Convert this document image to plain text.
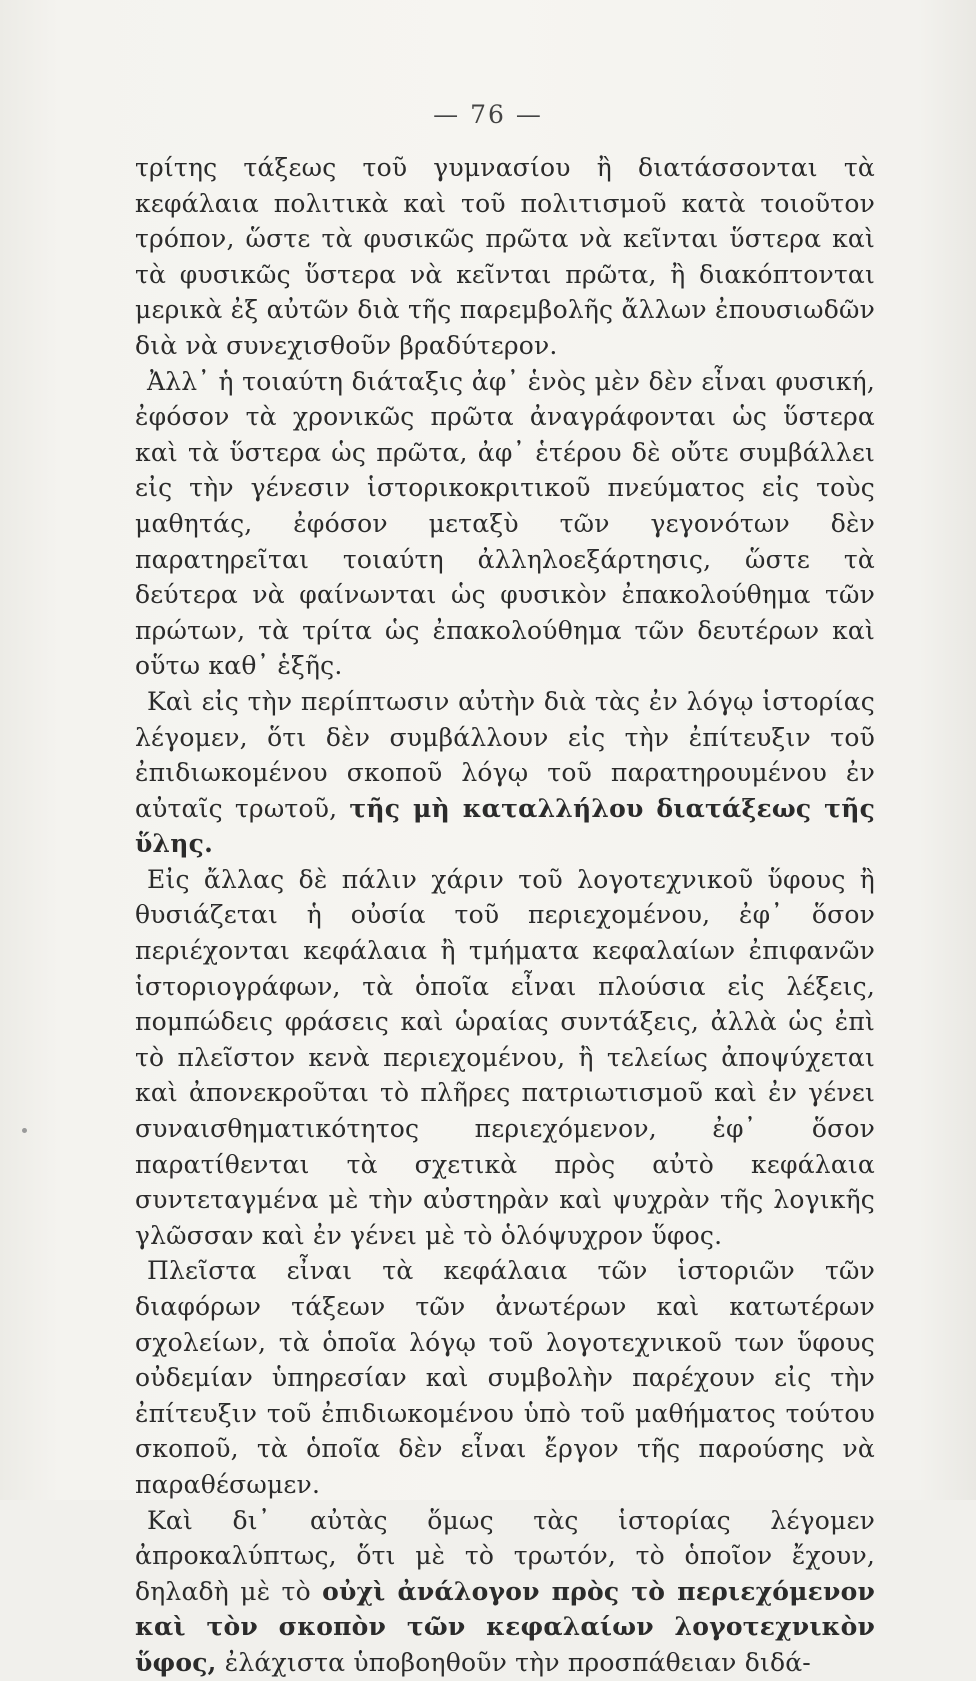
— 76 —

τρίτης τάξεως τοῦ γυμνασίου ἢ διατάσσονται τὰ κεφάλαια πολιτικὰ καὶ τοῦ πολιτισμοῦ κατὰ τοιοῦτον τρόπον, ὥστε τὰ φυσικῶς πρῶτα νὰ κεῖνται ὕστερα καὶ τὰ φυσικῶς ὕστερα νὰ κεῖνται πρῶτα, ἢ διακόπτονται μερικὰ ἐξ αὐτῶν διὰ τῆς παρεμβολῆς ἄλλων ἐπουσιωδῶν διὰ νὰ συνεχισθοῦν βραδύτερον.

Ἀλλ᾽ ἡ τοιαύτη διάταξις ἀφ᾽ ἑνὸς μὲν δὲν εἶναι φυσική, ἐφόσον τὰ χρονικῶς πρῶτα ἀναγράφονται ὡς ὕστερα καὶ τὰ ὕστερα ὡς πρῶτα, ἀφ᾽ ἑτέρου δὲ οὔτε συμβάλλει εἰς τὴν γένεσιν ἱστορικοκριτικοῦ πνεύματος εἰς τοὺς μαθητάς, ἐφόσον μεταξὺ τῶν γεγονότων δὲν παρατηρεῖται τοιαύτη ἀλληλοεξάρτησις, ὥστε τὰ δεύτερα νὰ φαίνωνται ὡς φυσικὸν ἐπακολούθημα τῶν πρώτων, τὰ τρίτα ὡς ἐπακολούθημα τῶν δευτέρων καὶ οὕτω καθ᾽ ἑξῆς.

Καὶ εἰς τὴν περίπτωσιν αὐτὴν διὰ τὰς ἐν λόγῳ ἱστορίας λέγομεν, ὅτι δὲν συμβάλλουν εἰς τὴν ἐπίτευξιν τοῦ ἐπιδιωκομένου σκοποῦ λόγῳ τοῦ παρατηρουμένου ἐν αὐταῖς τρωτοῦ, τῆς μὴ καταλλήλου διατάξεως τῆς ὕλης.

Εἰς ἄλλας δὲ πάλιν χάριν τοῦ λογοτεχνικοῦ ὕφους ἢ θυσιάζεται ἡ οὐσία τοῦ περιεχομένου, ἐφ᾽ ὅσον περιέχονται κεφάλαια ἢ τμήματα κεφαλαίων ἐπιφανῶν ἱστοριογράφων, τὰ ὁποῖα εἶναι πλούσια εἰς λέξεις, πομπώδεις φράσεις καὶ ὡραίας συντάξεις, ἀλλὰ ὡς ἐπὶ τὸ πλεῖστον κενὰ περιεχομένου, ἢ τελείως ἀποψύχεται καὶ ἀπονεκροῦται τὸ πλῆρες πατριωτισμοῦ καὶ ἐν γένει συναισθηματικότητος περιεχόμενον, ἐφ᾽ ὅσον παρατίθενται τὰ σχετικὰ πρὸς αὐτὸ κεφάλαια συντεταγμένα μὲ τὴν αὐστηρὰν καὶ ψυχρὰν τῆς λογικῆς γλῶσσαν καὶ ἐν γένει μὲ τὸ ὁλόψυχρον ὕφος.

Πλεῖστα εἶναι τὰ κεφάλαια τῶν ἱστοριῶν τῶν διαφόρων τάξεων τῶν ἀνωτέρων καὶ κατωτέρων σχολείων, τὰ ὁποῖα λόγῳ τοῦ λογοτεχνικοῦ των ὕφους οὐδεμίαν ὑπηρεσίαν καὶ συμβολὴν παρέχουν εἰς τὴν ἐπίτευξιν τοῦ ἐπιδιωκομένου ὑπὸ τοῦ μαθήματος τούτου σκοποῦ, τὰ ὁποῖα δὲν εἶναι ἔργον τῆς παρούσης νὰ παραθέσωμεν.

Καὶ δι᾽ αὐτὰς ὅμως τὰς ἱστορίας λέγομεν ἀπροκαλύπτως, ὅτι μὲ τὸ τρωτόν, τὸ ὁποῖον ἔχουν, δηλαδὴ μὲ τὸ οὐχὶ ἀνάλογον πρὸς τὸ περιεχόμενον καὶ τὸν σκοπὸν τῶν κεφαλαίων λογοτεχνικὸν ὕφος, ἐλάχιστα ὑποβοηθοῦν τὴν προσπάθειαν διδά-
